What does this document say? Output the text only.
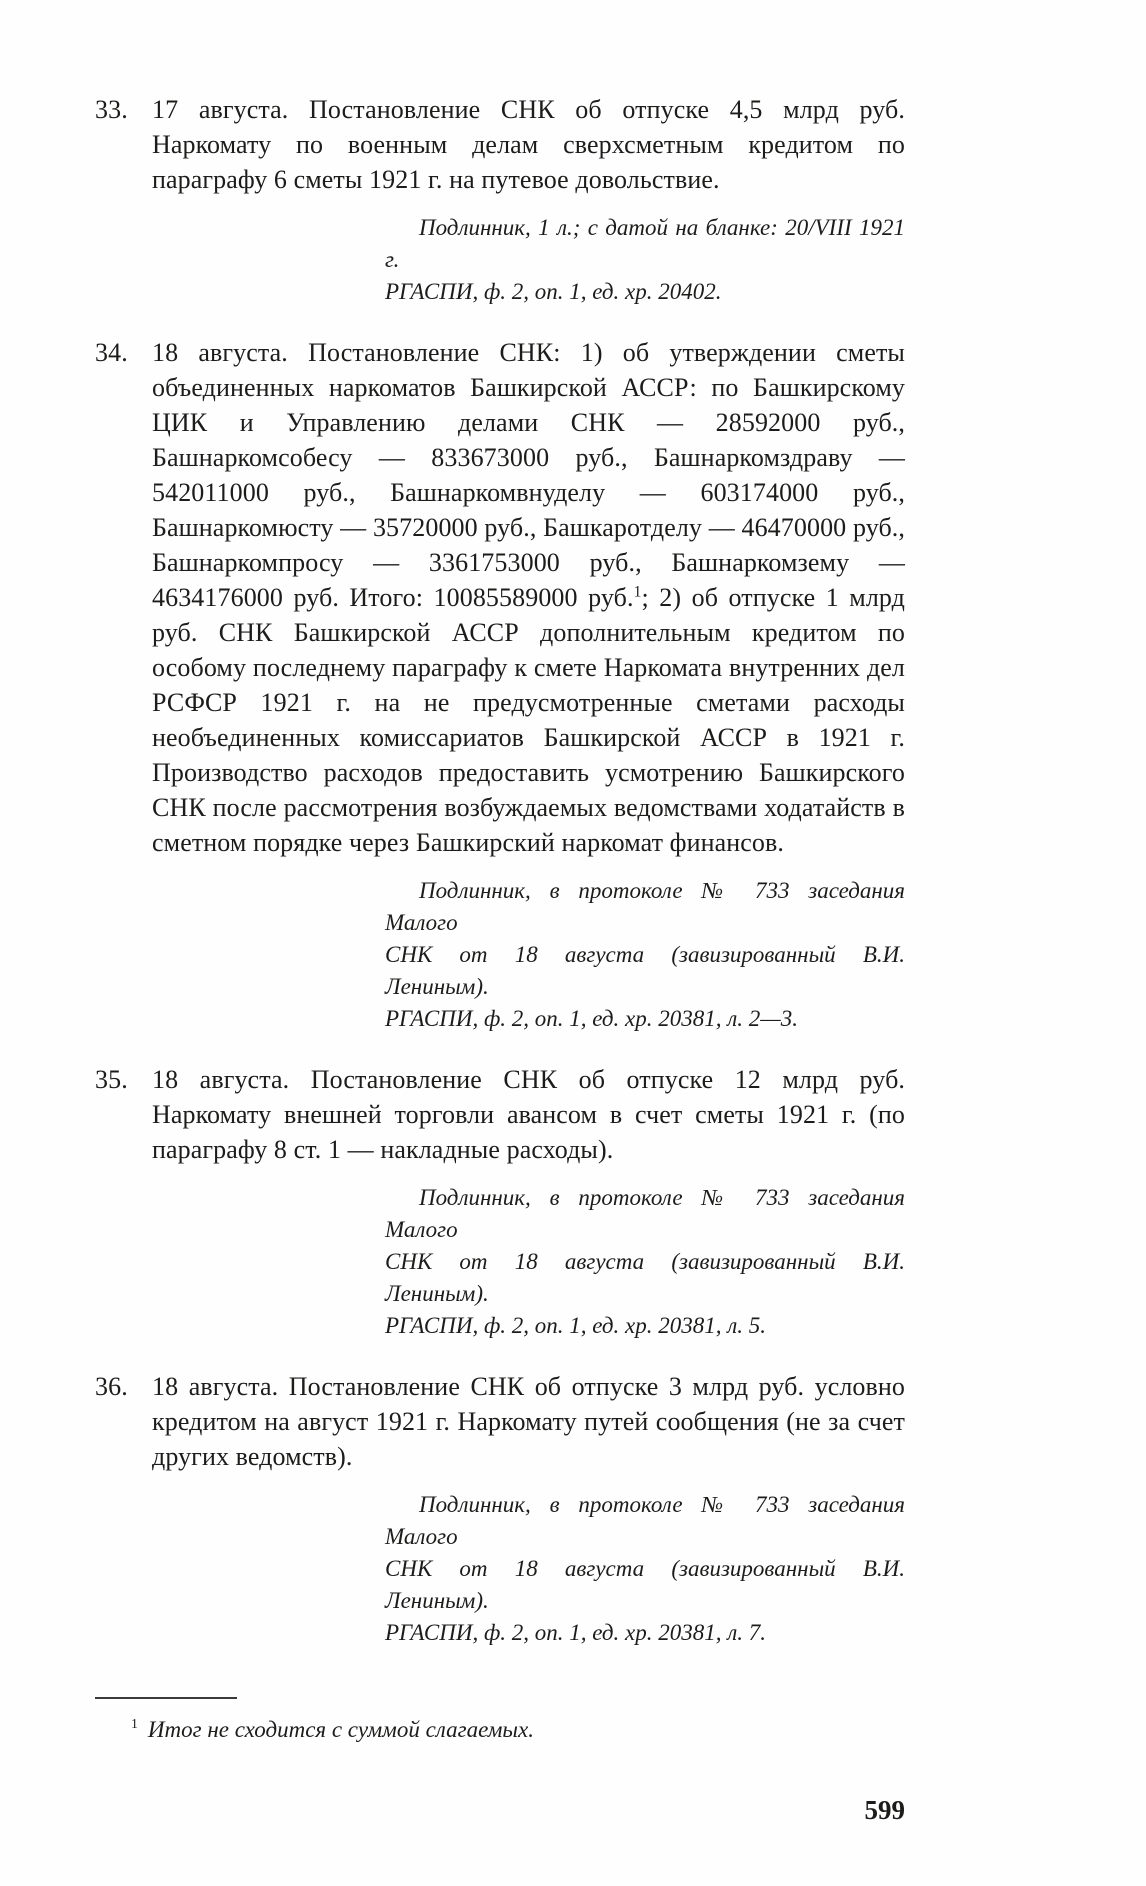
33. 17 августа. Постановление СНК об отпуске 4,5 млрд руб. Наркомату по военным делам сверхсметным кредитом по параграфу 6 сметы 1921 г. на путевое довольствие.

Подлинник, 1 л.; с датой на бланке: 20/VIII 1921 г.
РГАСПИ, ф. 2, оп. 1, ед. хр. 20402.

34. 18 августа. Постановление СНК: 1) об утверждении сметы объединенных наркоматов Башкирской АССР: по Башкирскому ЦИК и Управлению делами СНК — 28592000 руб., Башнаркомсобесу — 833673000 руб., Башнаркомздраву — 542011000 руб., Башнаркомвнуделу — 603174000 руб., Башнаркомюсту — 35720000 руб., Башкаротделу — 46470000 руб., Башнаркомпросу — 3361753000 руб., Башнаркомзему — 4634176000 руб. Итого: 10085589000 руб.$^1$; 2) об отпуске 1 млрд руб. СНК Башкирской АССР дополнительным кредитом по особому последнему параграфу к смете Наркомата внутренних дел РСФСР 1921 г. на не предусмотренные сметами расходы необъединенных комиссариатов Башкирской АССР в 1921 г. Производство расходов предоставить усмотрению Башкирского СНК после рассмотрения возбуждаемых ведомствами ходатайств в сметном порядке через Башкирский наркомат финансов.

Подлинник, в протоколе № 733 заседания Малого
СНК от 18 августа (завизированный В.И. Лениным).
РГАСПИ, ф. 2, оп. 1, ед. хр. 20381, л. 2—3.

35. 18 августа. Постановление СНК об отпуске 12 млрд руб. Наркомату внешней торговли авансом в счет сметы 1921 г. (по параграфу 8 ст. 1 — накладные расходы).

Подлинник, в протоколе № 733 заседания Малого
СНК от 18 августа (завизированный В.И. Лениным).
РГАСПИ, ф. 2, оп. 1, ед. хр. 20381, л. 5.

36. 18 августа. Постановление СНК об отпуске 3 млрд руб. условно кредитом на август 1921 г. Наркомату путей сообщения (не за счет других ведомств).

Подлинник, в протоколе № 733 заседания Малого
СНК от 18 августа (завизированный В.И. Лениным).
РГАСПИ, ф. 2, оп. 1, ед. хр. 20381, л. 7.
$^1$ Итог не сходится с суммой слагаемых.
599
